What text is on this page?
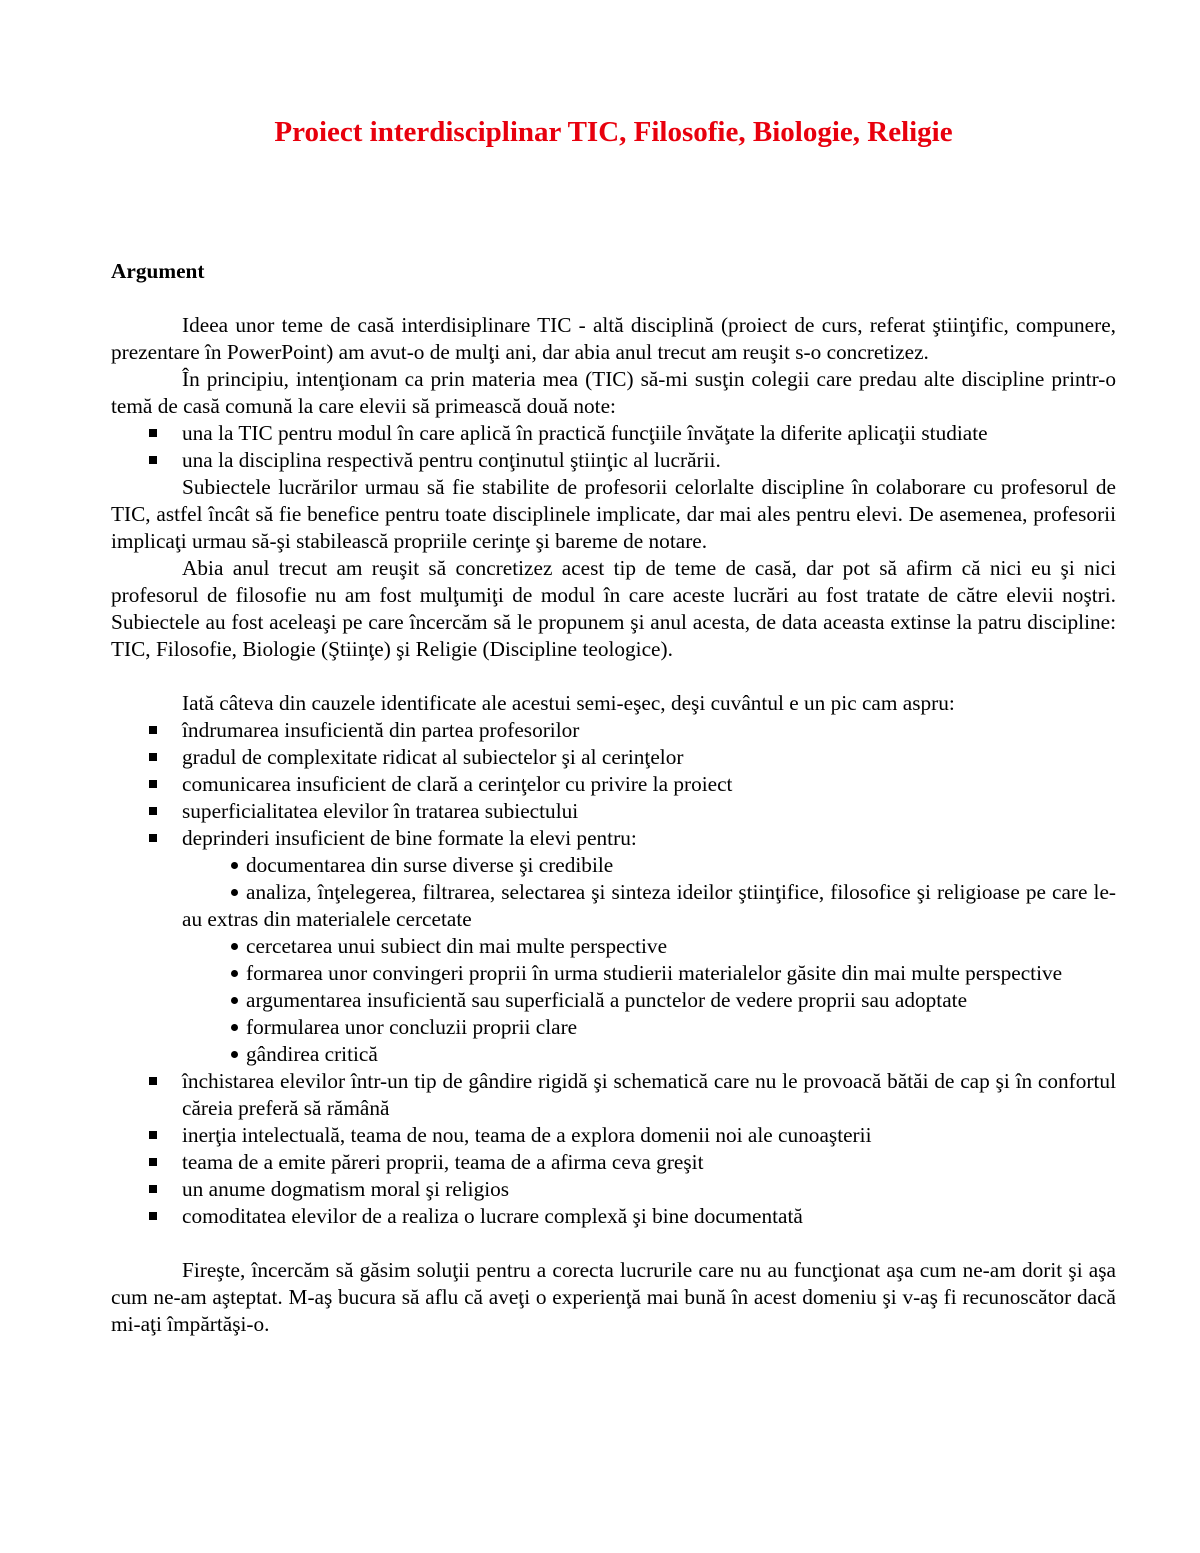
Proiect interdisciplinar TIC, Filosofie, Biologie, Religie

Argument

Ideea unor teme de casă interdisiplinare TIC - altă disciplină (proiect de curs, referat ştiinţific, compunere, prezentare în PowerPoint) am avut-o de mulţi ani, dar abia anul trecut am reuşit s-o concretizez.

În principiu, intenţionam ca prin materia mea (TIC) să-mi susţin colegii care predau alte discipline printr-o temă de casă comună la care elevii să primească două note:

una la TIC pentru modul în care aplică în practică funcţiile învăţate la diferite aplicaţii studiate
una la disciplina respectivă pentru conţinutul ştiinţic al lucrării.

Subiectele lucrărilor urmau să fie stabilite de profesorii celorlalte discipline în colaborare cu profesorul de TIC, astfel încât să fie benefice pentru toate disciplinele implicate, dar mai ales pentru elevi. De asemenea, profesorii implicaţi urmau să-şi stabilească propriile cerinţe şi bareme de notare.

Abia anul trecut am reuşit să concretizez acest tip de teme de casă, dar pot să afirm că nici eu şi nici profesorul de filosofie nu am fost mulţumiţi de modul în care aceste lucrări au fost tratate de către elevii noştri. Subiectele au fost aceleaşi pe care încercăm să le propunem şi anul acesta, de data aceasta extinse la patru discipline: TIC, Filosofie, Biologie (Ştiinţe) şi Religie (Discipline teologice).

Iată câteva din cauzele identificate ale acestui semi-eşec, deşi cuvântul e un pic cam aspru:

îndrumarea insuficientă din partea profesorilor
gradul de complexitate ridicat al subiectelor şi al cerinţelor
comunicarea insuficient de clară a cerinţelor cu privire la proiect
superficialitatea elevilor în tratarea subiectului
deprinderi insuficient de bine formate la elevi pentru:
documentarea din surse diverse şi credibile
analiza, înţelegerea, filtrarea, selectarea şi sinteza ideilor ştiinţifice, filosofice şi religioase pe care le-au extras din materialele cercetate
cercetarea unui subiect din mai multe perspective
formarea unor convingeri proprii în urma studierii materialelor găsite din mai multe perspective
argumentarea insuficientă sau superficială a punctelor de vedere proprii sau adoptate
formularea unor concluzii proprii clare
gândirea critică
închistarea elevilor într-un tip de gândire rigidă şi schematică care nu le provoacă bătăi de cap şi în confortul căreia preferă să rămână
inerţia intelectuală, teama de nou, teama de a explora domenii noi ale cunoaşterii
teama de a emite păreri proprii, teama de a afirma ceva greşit
un anume dogmatism moral şi religios
comoditatea elevilor de a realiza o lucrare complexă şi bine documentată

Fireşte, încercăm să găsim soluţii pentru a corecta lucrurile care nu au funcţionat aşa cum ne-am dorit şi aşa cum ne-am aşteptat. M-aş bucura să aflu că aveţi o experienţă mai bună în acest domeniu şi v-aş fi recunoscător dacă mi-aţi împărtăşi-o.
